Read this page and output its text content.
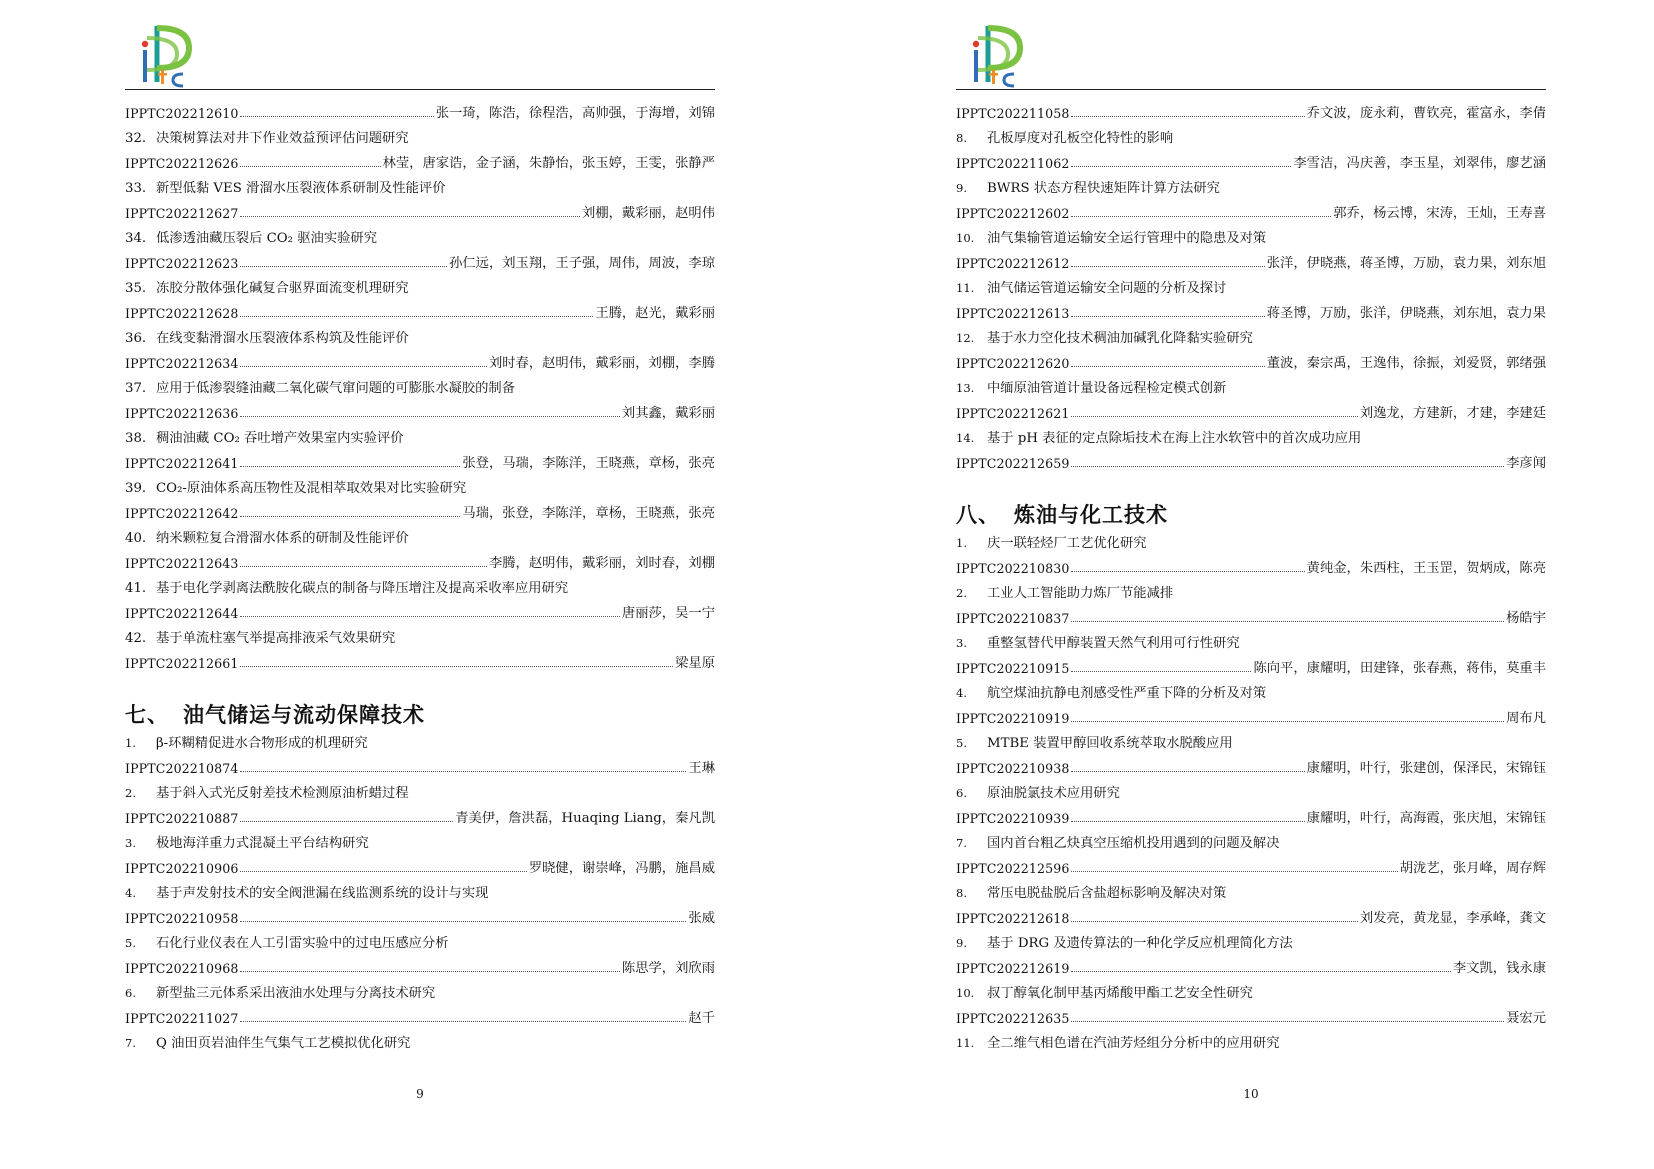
IPPTC202212610	张一琦，陈浩，徐程浩，高帅强，于海增，刘锦
32. 决策树算法对井下作业效益预评估问题研究
IPPTC202212626	林莹，唐家诰，金子涵，朱静怡，张玉婷，王雯，张静严
33. 新型低黏 VES 滑溜水压裂液体系研制及性能评价
IPPTC202212627	刘棚，戴彩丽，赵明伟
34. 低渗透油藏压裂后 CO₂ 驱油实验研究
IPPTC202212623	孙仁远，刘玉翔，王子强，周伟，周波，李琼
35. 冻胶分散体强化碱复合驱界面流变机理研究
IPPTC202212628	王腾，赵光，戴彩丽
36. 在线变黏滑溜水压裂液体系构筑及性能评价
IPPTC202212634	刘时春，赵明伟，戴彩丽，刘棚，李腾
37. 应用于低渗裂缝油藏二氧化碳气窜问题的可膨胀水凝胶的制备
IPPTC202212636	刘其鑫，戴彩丽
38. 稠油油藏 CO₂ 吞吐增产效果室内实验评价
IPPTC202212641	张登，马瑞，李陈洋，王晓燕，章杨，张亮
39. CO₂-原油体系高压物性及混相萃取效果对比实验研究
IPPTC202212642	马瑞，张登，李陈洋，章杨，王晓燕，张亮
40. 纳米颗粒复合滑溜水体系的研制及性能评价
IPPTC202212643	李腾，赵明伟，戴彩丽，刘时春，刘棚
41. 基于电化学剥离法酰胺化碳点的制备与降压增注及提高采收率应用研究
IPPTC202212644	唐丽莎，吴一宁
42. 基于单流柱塞气举提高排液采气效果研究
IPPTC202212661	梁星原
七、 油气储运与流动保障技术
1. β-环糊精促进水合物形成的机理研究
IPPTC202210874	王琳
2. 基于斜入式光反射差技术检测原油析蜡过程
IPPTC202210887	青美伊，詹洪磊，Huaqing Liang，秦凡凯
3. 极地海洋重力式混凝土平台结构研究
IPPTC202210906	罗晓健，谢崇峰，冯鹏，施昌威
4. 基于声发射技术的安全阀泄漏在线监测系统的设计与实现
IPPTC202210958	张威
5. 石化行业仪表在人工引雷实验中的过电压感应分析
IPPTC202210968	陈思学，刘欣雨
6. 新型盐三元体系采出液油水处理与分离技术研究
IPPTC202211027	赵千
7. Q 油田页岩油伴生气集气工艺模拟优化研究
9
IPPTC202211058	乔文波，庞永莉，曹钦亮，霍富永，李倩
8. 孔板厚度对孔板空化特性的影响
IPPTC202211062	李雪洁，冯庆善，李玉星，刘翠伟，廖艺涵
9. BWRS 状态方程快速矩阵计算方法研究
IPPTC202212602	郭乔，杨云博，宋涛，王灿，王寿喜
10. 油气集输管道运输安全运行管理中的隐患及对策
IPPTC202212612	张洋，伊晓燕，蒋圣博，万励，袁力果，刘东旭
11. 油气储运管道运输安全问题的分析及探讨
IPPTC202212613	蒋圣博，万励，张洋，伊晓燕，刘东旭，袁力果
12. 基于水力空化技术稠油加碱乳化降黏实验研究
IPPTC202212620	董波，秦宗禹，王逸伟，徐振，刘爱贤，郭绪强
13. 中缅原油管道计量设备远程检定模式创新
IPPTC202212621	刘逸龙，方建新，才建，李建廷
14. 基于 pH 表征的定点除垢技术在海上注水软管中的首次成功应用
IPPTC202212659	李彦闻
八、 炼油与化工技术
1. 庆一联轻烃厂工艺优化研究
IPPTC202210830	黄纯金，朱西柱，王玉罡，贺炳成，陈亮
2. 工业人工智能助力炼厂节能减排
IPPTC202210837	杨皓宇
3. 重整氢替代甲醇装置天然气利用可行性研究
IPPTC202210915	陈向平，康耀明，田建锋，张春燕，蒋伟，莫重丰
4. 航空煤油抗静电剂感受性严重下降的分析及对策
IPPTC202210919	周布凡
5. MTBE 装置甲醇回收系统萃取水脱酸应用
IPPTC202210938	康耀明，叶行，张建创，保泽民，宋锦钰
6. 原油脱氯技术应用研究
IPPTC202210939	康耀明，叶行，高海霞，张庆旭，宋锦钰
7. 国内首台粗乙炔真空压缩机投用遇到的问题及解决
IPPTC202212596	胡泷艺，张月峰，周存辉
8. 常压电脱盐脱后含盐超标影响及解决对策
IPPTC202212618	刘发亮，黄龙显，李承峰，龚文
9. 基于 DRG 及遗传算法的一种化学反应机理简化方法
IPPTC202212619	李文凯，钱永康
10. 叔丁醇氧化制甲基丙烯酸甲酯工艺安全性研究
IPPTC202212635	聂宏元
11. 全二维气相色谱在汽油芳烃组分分析中的应用研究
10
